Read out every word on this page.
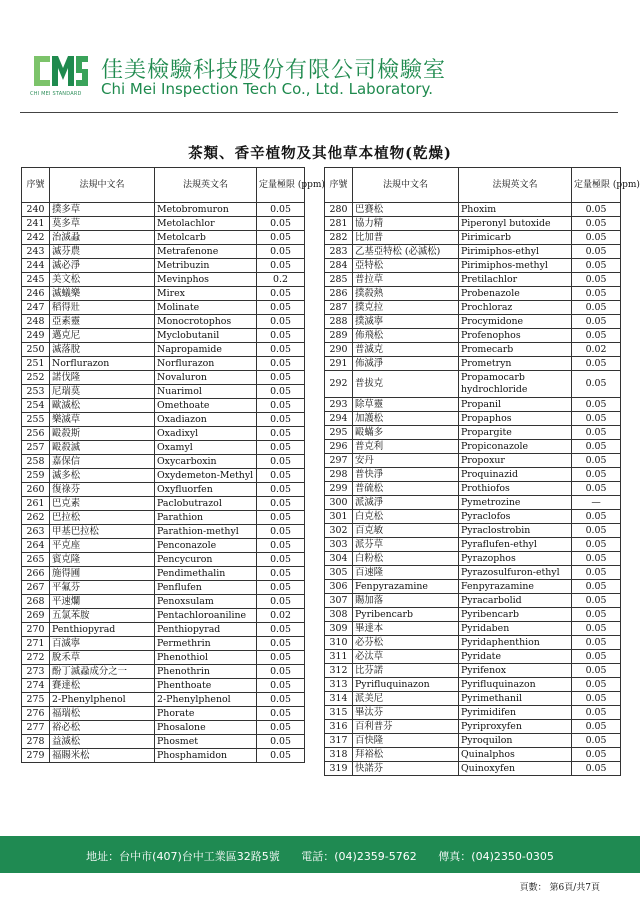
CHI MEI STANDARD
佳美檢驗科技股份有限公司檢驗室
Chi Mei Inspection Tech Co., Ltd. Laboratory.
茶類、香辛植物及其他草本植物(乾燥)
序號	法規中文名	法規英文名	定量極限 (ppm)
240	撲多草	Metobromuron	0.05
241	莫多草	Metolachlor	0.05
242	治滅蝨	Metolcarb	0.05
243	滅芬農	Metrafenone	0.05
244	滅必淨	Metribuzin	0.05
245	美文松	Mevinphos	0.2
246	滅蟻樂	Mirex	0.05
247	稻得壯	Molinate	0.05
248	亞素靈	Monocrotophos	0.05
249	邁克尼	Myclobutanil	0.05
250	滅落脫	Napropamide	0.05
251	Norflurazon	Norflurazon	0.05
252	諾伐隆	Novaluron	0.05
253	尼瑞莫	Nuarimol	0.05
254	歐滅松	Omethoate	0.05
255	樂滅草	Oxadiazon	0.05
256	毆殺斯	Oxadixyl	0.05
257	毆殺滅	Oxamyl	0.05
258	嘉保信	Oxycarboxin	0.05
259	滅多松	Oxydemeton-Methyl	0.05
260	復祿芬	Oxyfluorfen	0.05
261	巴克素	Paclobutrazol	0.05
262	巴拉松	Parathion	0.05
263	甲基巴拉松	Parathion-methyl	0.05
264	平克座	Penconazole	0.05
265	賓克隆	Pencycuron	0.05
266	施得圃	Pendimethalin	0.05
267	平氟芬	Penflufen	0.05
268	平速爛	Penoxsulam	0.05
269	五氯苯胺	Pentachloroaniline	0.02
270	Penthiopyrad	Penthiopyrad	0.05
271	百滅寧	Permethrin	0.05
272	脫禾草	Phenothiol	0.05
273	酚丁滅蝨成分之一	Phenothrin	0.05
274	賽達松	Phenthoate	0.05
275	2-Phenylphenol	2-Phenylphenol	0.05
276	福瑞松	Phorate	0.05
277	裕必松	Phosalone	0.05
278	益滅松	Phosmet	0.05
279	福賜米松	Phosphamidon	0.05
序號	法規中文名	法規英文名	定量極限 (ppm)
280	巴賽松	Phoxim	0.05
281	協力精	Piperonyl butoxide	0.05
282	比加普	Pirimicarb	0.05
283	乙基亞特松 (必滅松)	Pirimiphos-ethyl	0.05
284	亞特松	Pirimiphos-methyl	0.05
285	普拉草	Pretilachlor	0.05
286	撲殺熱	Probenazole	0.05
287	撲克拉	Prochloraz	0.05
288	撲滅寧	Procymidone	0.05
289	佈飛松	Profenophos	0.05
290	普滅克	Promecarb	0.02
291	佈滅淨	Prometryn	0.05
292	普拔克	Propamocarb hydrochloride	0.05
293	除草靈	Propanil	0.05
294	加護松	Propaphos	0.05
295	毆蟎多	Propargite	0.05
296	普克利	Propiconazole	0.05
297	安丹	Propoxur	0.05
298	普快淨	Proquinazid	0.05
299	普硫松	Prothiofos	0.05
300	派滅淨	Pymetrozine	—
301	白克松	Pyraclofos	0.05
302	百克敏	Pyraclostrobin	0.05
303	派芬草	Pyraflufen-ethyl	0.05
304	白粉松	Pyrazophos	0.05
305	百速隆	Pyrazosulfuron-ethyl	0.05
306	Fenpyrazamine	Fenpyrazamine	0.05
307	賜加落	Pyracarbolid	0.05
308	Pyribencarb	Pyribencarb	0.05
309	畢達本	Pyridaben	0.05
310	必芬松	Pyridaphenthion	0.05
311	必汰草	Pyridate	0.05
312	比芬諾	Pyrifenox	0.05
313	Pyrifluquinazon	Pyrifluquinazon	0.05
314	派美尼	Pyrimethanil	0.05
315	畢汰芬	Pyrimidifen	0.05
316	百利普芬	Pyriproxyfen	0.05
317	百快隆	Pyroquilon	0.05
318	拜裕松	Quinalphos	0.05
319	快諾芬	Quinoxyfen	0.05
地址：台中市(407)台中工業區32路5號 電話：(04)2359-5762 傳真：(04)2350-0305
頁數： 第6頁/共7頁
